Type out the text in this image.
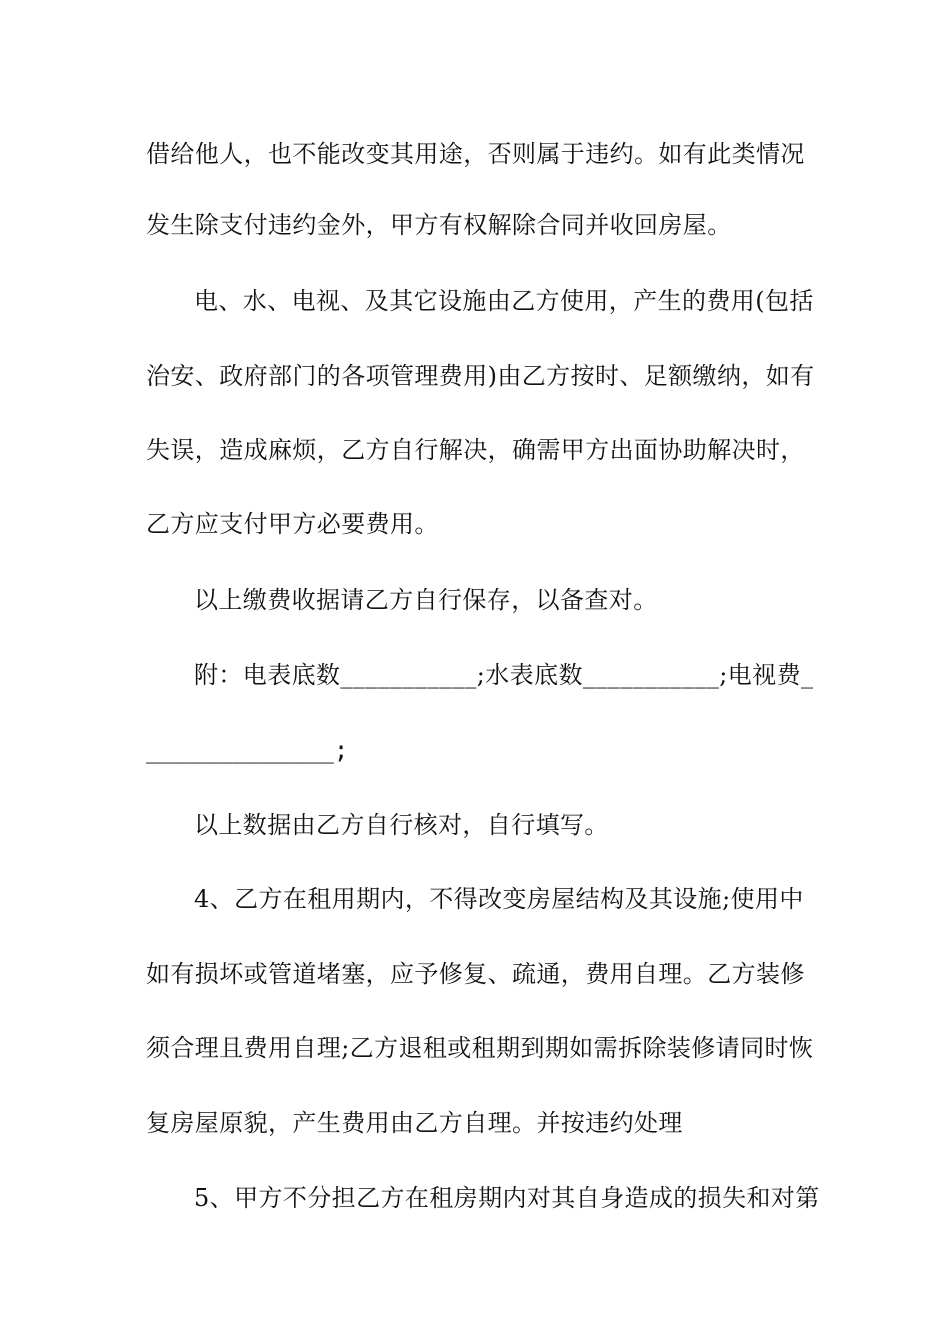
借给他人，也不能改变其用途，否则属于违约。如有此类情况
发生除支付违约金外，甲方有权解除合同并收回房屋。
电、水、电视、及其它设施由乙方使用，产生的费用(包括
治安、政府部门的各项管理费用)由乙方按时、足额缴纳，如有
失误，造成麻烦，乙方自行解决，确需甲方出面协助解决时，
乙方应支付甲方必要费用。
以上缴费收据请乙方自行保存，以备查对。
附：电表底数___________;水表底数___________;电视费_
_____________;
以上数据由乙方自行核对，自行填写。
4、乙方在租用期内，不得改变房屋结构及其设施;使用中
如有损坏或管道堵塞，应予修复、疏通，费用自理。乙方装修
须合理且费用自理;乙方退租或租期到期如需拆除装修请同时恢
复房屋原貌，产生费用由乙方自理。并按违约处理
5、甲方不分担乙方在租房期内对其自身造成的损失和对第
